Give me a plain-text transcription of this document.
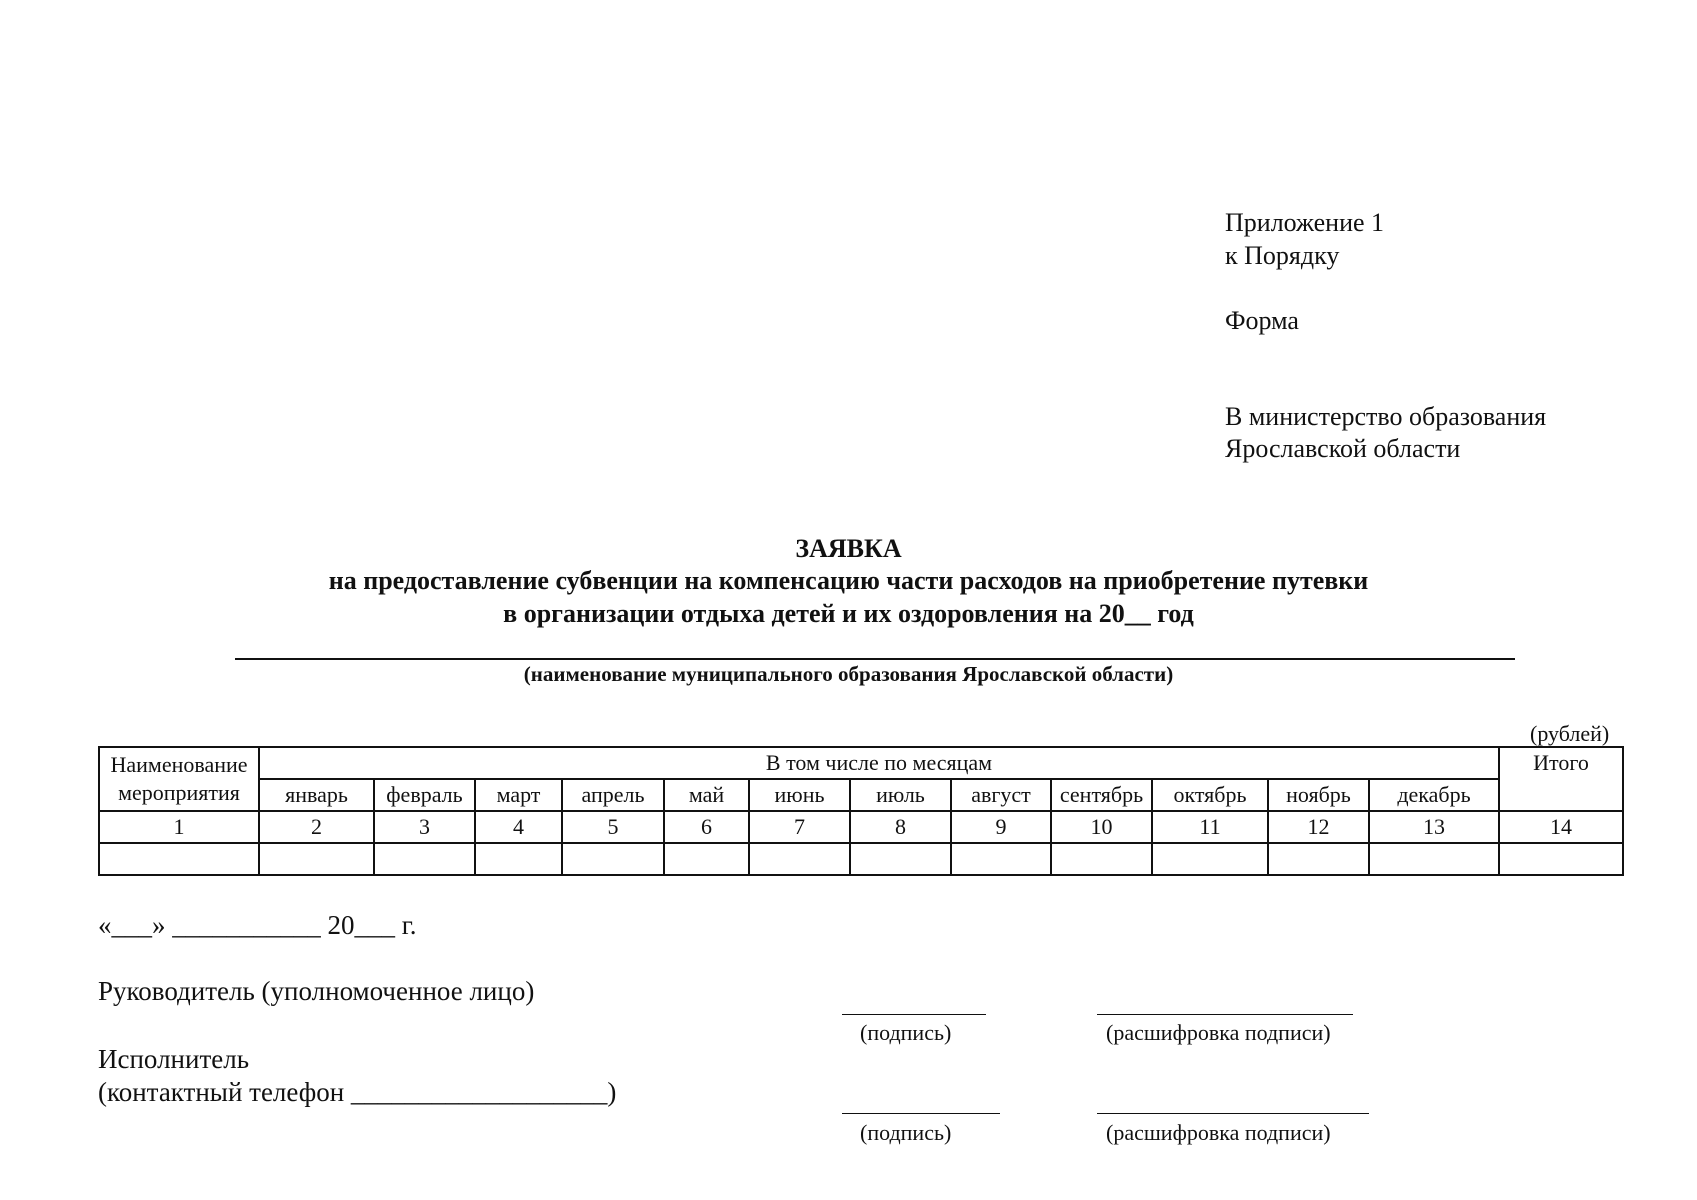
Приложение 1
к Порядку
Форма
В министерство образования
Ярославской области
ЗАЯВКА
на предоставление субвенции на компенсацию части расходов на приобретение путевки
в организации отдыха детей и их оздоровления на 20__ год
(наименование муниципального образования Ярославской области)
(рублей)
Наименование
мероприятия	В том числе по месяцам												Итого
	январь	февраль	март	апрель	май	июнь	июль	август	сентябрь	октябрь	ноябрь	декабрь	
1	2	3	4	5	6	7	8	9	10	11	12	13	14

«___» ___________ 20___ г.
Руководитель (уполномоченное лицо)
(подпись)	(расшифровка подписи)
Исполнитель
(контактный телефон ___________________)
(подпись)	(расшифровка подписи)
